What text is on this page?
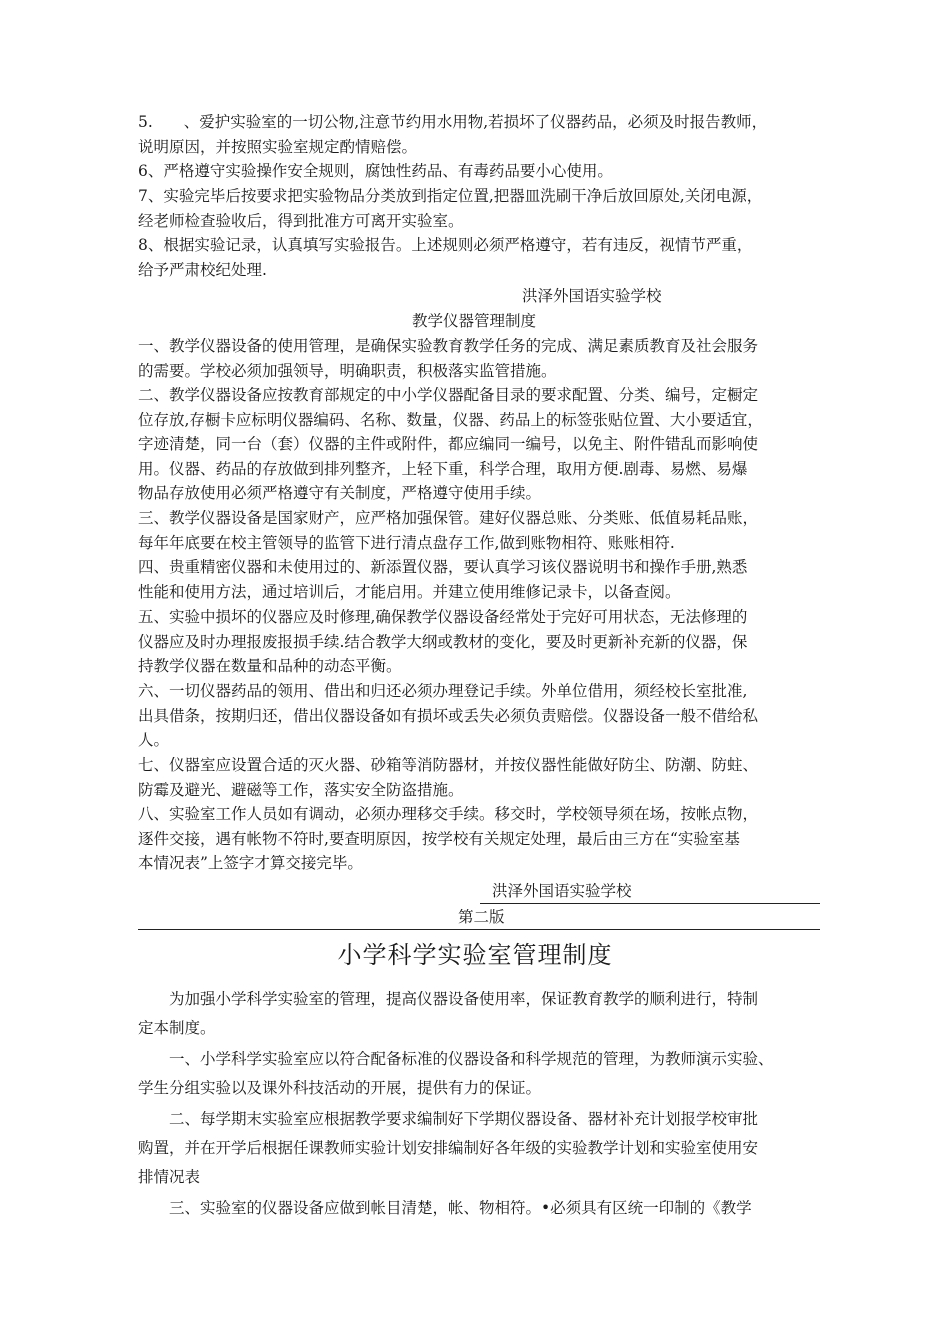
5.　　、爱护实验室的一切公物,注意节约用水用物,若损坏了仪器药品，必须及时报告教师，
说明原因，并按照实验室规定酌情赔偿。
6、严格遵守实验操作安全规则，腐蚀性药品、有毒药品要小心使用。
7、实验完毕后按要求把实验物品分类放到指定位置,把器皿洗刷干净后放回原处,关闭电源，
经老师检查验收后，得到批准方可离开实验室。
8、根据实验记录，认真填写实验报告。上述规则必须严格遵守，若有违反，视情节严重，
给予严肃校纪处理.
洪泽外国语实验学校
教学仪器管理制度
一、教学仪器设备的使用管理，是确保实验教育教学任务的完成、满足素质教育及社会服务
的需要。学校必须加强领导，明确职责，积极落实监管措施。
二、教学仪器设备应按教育部规定的中小学仪器配备目录的要求配置、分类、编号，定橱定
位存放,存橱卡应标明仪器编码、名称、数量，仪器、药品上的标签张贴位置、大小要适宜，
字迹清楚，同一台（套）仪器的主件或附件，都应编同一编号，以免主、附件错乱而影响使
用。仪器、药品的存放做到排列整齐，上轻下重，科学合理，取用方便.剧毒、易燃、易爆
物品存放使用必须严格遵守有关制度，严格遵守使用手续。
三、教学仪器设备是国家财产，应严格加强保管。建好仪器总账、分类账、低值易耗品账，
每年年底要在校主管领导的监管下进行清点盘存工作,做到账物相符、账账相符.
四、贵重精密仪器和未使用过的、新添置仪器，要认真学习该仪器说明书和操作手册,熟悉
性能和使用方法，通过培训后，才能启用。并建立使用维修记录卡，以备查阅。
五、实验中损坏的仪器应及时修理,确保教学仪器设备经常处于完好可用状态，无法修理的
仪器应及时办理报废报损手续.结合教学大纲或教材的变化，要及时更新补充新的仪器，保
持教学仪器在数量和品种的动态平衡。
六、一切仪器药品的领用、借出和归还必须办理登记手续。外单位借用，须经校长室批准,
出具借条，按期归还，借出仪器设备如有损坏或丢失必须负责赔偿。仪器设备一般不借给私
人。
七、仪器室应设置合适的灭火器、砂箱等消防器材，并按仪器性能做好防尘、防潮、防蛀、
防霉及避光、避磁等工作，落实安全防盗措施。
八、实验室工作人员如有调动，必须办理移交手续。移交时，学校领导须在场，按帐点物，
逐件交接，遇有帐物不符时,要查明原因，按学校有关规定处理，最后由三方在“实验室基
本情况表”上签字才算交接完毕。
洪泽外国语实验学校
第二版
小学科学实验室管理制度
　　为加强小学科学实验室的管理，提高仪器设备使用率，保证教育教学的顺利进行，特制
定本制度。
　　一、小学科学实验室应以符合配备标准的仪器设备和科学规范的管理，为教师演示实验、
学生分组实验以及课外科技活动的开展，提供有力的保证。
　　二、每学期末实验室应根据教学要求编制好下学期仪器设备、器材补充计划报学校审批
购置，并在开学后根据任课教师实验计划安排编制好各年级的实验教学计划和实验室使用安
排情况表
　　三、实验室的仪器设备应做到帐目清楚，帐、物相符。•必须具有区统一印制的《教学
